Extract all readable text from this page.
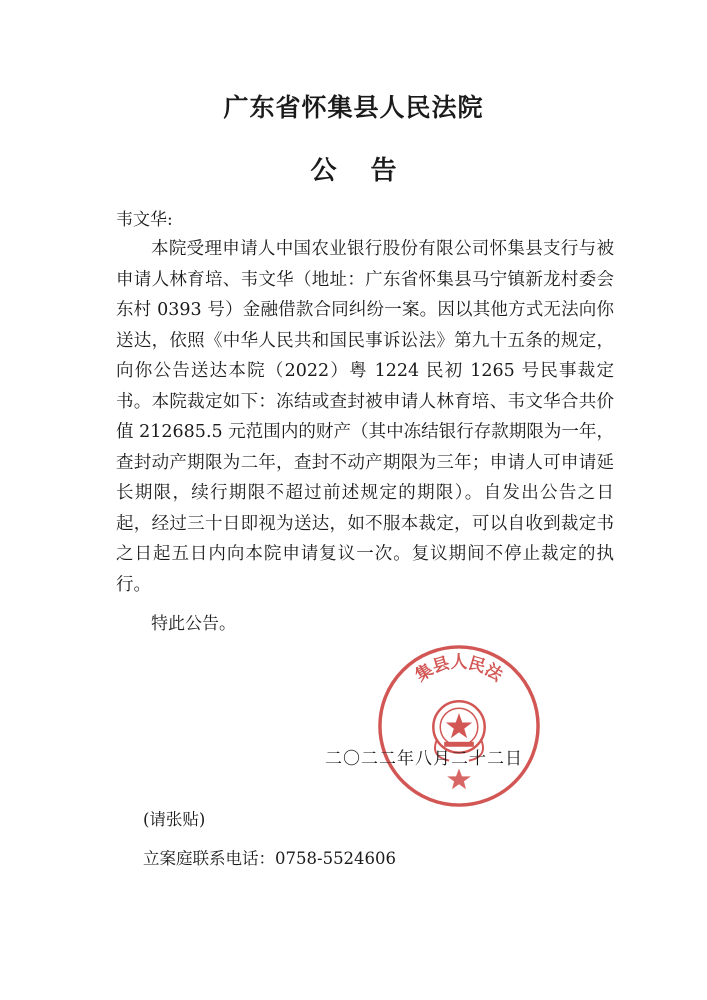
广东省怀集县人民法院
公告
韦文华:
本院受理申请人中国农业银行股份有限公司怀集县支行与被申请人林育培、韦文华（地址：广东省怀集县马宁镇新龙村委会东村 0393 号）金融借款合同纠纷一案。因以其他方式无法向你送达，依照《中华人民共和国民事诉讼法》第九十五条的规定，向你公告送达本院（2022）粤 1224 民初 1265 号民事裁定书。本院裁定如下：冻结或查封被申请人林育培、韦文华合共价值 212685.5 元范围内的财产（其中冻结银行存款期限为一年，查封动产期限为二年，查封不动产期限为三年；申请人可申请延长期限，续行期限不超过前述规定的期限）。自发出公告之日起，经过三十日即视为送达，如不服本裁定，可以自收到裁定书之日起五日内向本院申请复议一次。复议期间不停止裁定的执行。
特此公告。
集县人民法
二〇二二年八月二十二日
(请张贴)
立案庭联系电话：0758-5524606
